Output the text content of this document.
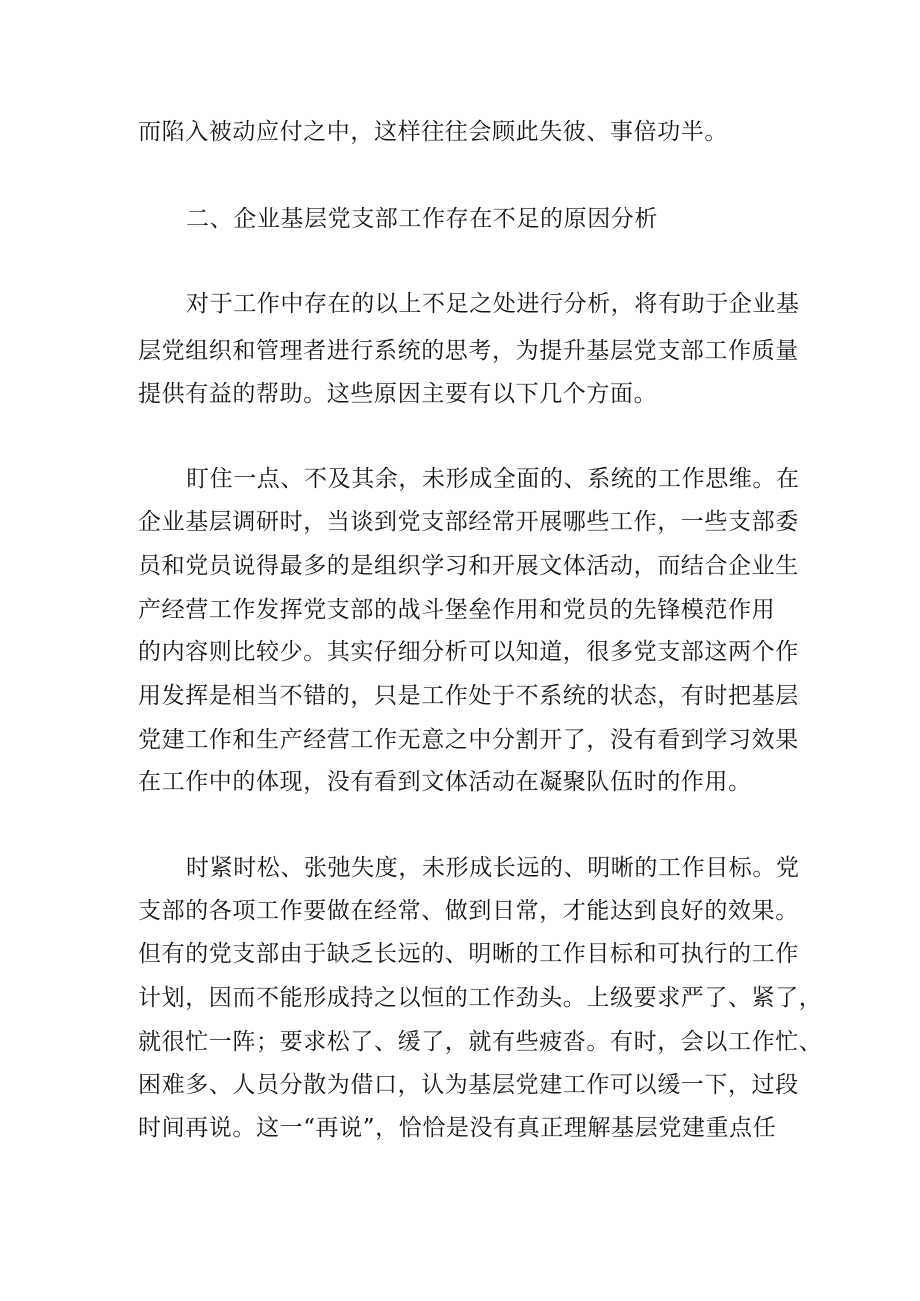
而陷入被动应付之中，这样往往会顾此失彼、事倍功半。

二、企业基层党支部工作存在不足的原因分析

对于工作中存在的以上不足之处进行分析，将有助于企业基

层党组织和管理者进行系统的思考，为提升基层党支部工作质量

提供有益的帮助。这些原因主要有以下几个方面。

盯住一点、不及其余，未形成全面的、系统的工作思维。在

企业基层调研时，当谈到党支部经常开展哪些工作，一些支部委

员和党员说得最多的是组织学习和开展文体活动，而结合企业生

产经营工作发挥党支部的战斗堡垒作用和党员的先锋模范作用

的内容则比较少。其实仔细分析可以知道，很多党支部这两个作

用发挥是相当不错的，只是工作处于不系统的状态，有时把基层

党建工作和生产经营工作无意之中分割开了，没有看到学习效果

在工作中的体现，没有看到文体活动在凝聚队伍时的作用。

时紧时松、张弛失度，未形成长远的、明晰的工作目标。党

支部的各项工作要做在经常、做到日常，才能达到良好的效果。

但有的党支部由于缺乏长远的、明晰的工作目标和可执行的工作

计划，因而不能形成持之以恒的工作劲头。上级要求严了、紧了，

就很忙一阵；要求松了、缓了，就有些疲沓。有时，会以工作忙、

困难多、人员分散为借口，认为基层党建工作可以缓一下，过段

时间再说。这一“再说”，恰恰是没有真正理解基层党建重点任
